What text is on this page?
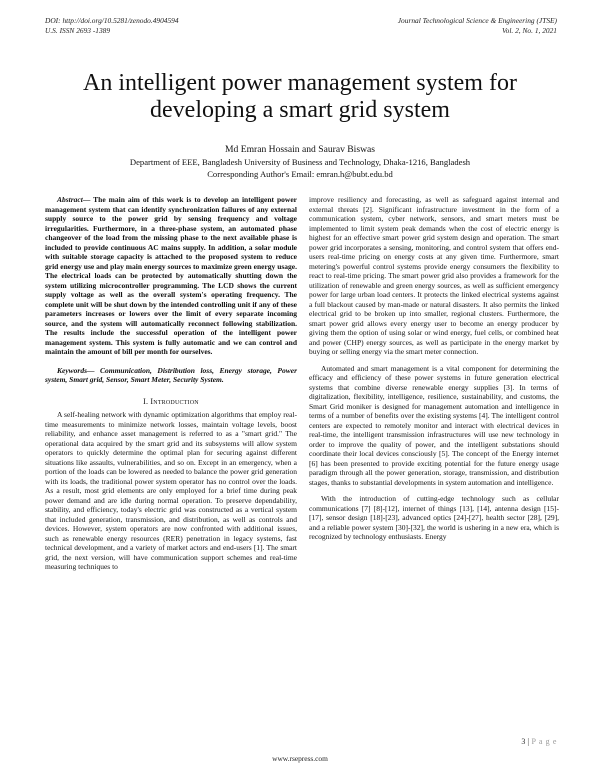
DOI: http://doi.org/10.5281/zenodo.4904594
U.S. ISSN 2693 -1389
Journal Technological Science & Engineering (JTSE)
Vol. 2, No. 1, 2021
An intelligent power management system for developing a smart grid system
Md Emran Hossain and Saurav Biswas
Department of EEE, Bangladesh University of Business and Technology, Dhaka-1216, Bangladesh
Corresponding Author's Email: emran.h@bubt.edu.bd

Abstract— The main aim of this work is to develop an intelligent power management system that can identify synchronization failures of any external supply source to the power grid by sensing frequency and voltage irregularities. Furthermore, in a three-phase system, an automated phase changeover of the load from the missing phase to the next available phase is included to provide continuous AC mains supply. In addition, a solar module with suitable storage capacity is attached to the proposed system to reduce grid energy use and play main energy sources to maximize green energy usage. The electrical loads can be protected by automatically shutting down the system utilizing microcontroller programming. The LCD shows the current supply voltage as well as the overall system's operating frequency. The complete unit will be shut down by the intended controlling unit if any of these parameters increases or lowers over the limit of every separate incoming source, and the system will automatically reconnect following stabilization. The results include the successful operation of the intelligent power management system. This system is fully automatic and we can control and maintain the amount of bill per month for ourselves.

Keywords— Communication, Distribution loss, Energy storage, Power system, Smart grid, Sensor, Smart Meter, Security System.

I. Introduction

A self-healing network with dynamic optimization algorithms that employ real-time measurements to minimize network losses, maintain voltage levels, boost reliability, and enhance asset management is referred to as a "smart grid." The operational data acquired by the smart grid and its subsystems will allow system operators to quickly determine the optimal plan for securing against different situations like assaults, vulnerabilities, and so on. Except in an emergency, when a portion of the loads can be lowered as needed to balance the power grid generation with its loads, the traditional power system operator has no control over the loads. As a result, most grid elements are only employed for a brief time during peak power demand and are idle during normal operation. To preserve dependability, stability, and efficiency, today's electric grid was constructed as a vertical system that included generation, transmission, and distribution, as well as controls and devices. However, system operators are now confronted with additional issues, such as renewable energy resources (RER) penetration in legacy systems, fast technical development, and a variety of market actors and end-users [1]. The smart grid, the next version, will have communication support schemes and real-time measuring techniques to

improve resiliency and forecasting, as well as safeguard against internal and external threats [2]. Significant infrastructure investment in the form of a communication system, cyber network, sensors, and smart meters must be implemented to limit system peak demands when the cost of electric energy is highest for an effective smart power grid system design and operation. The smart power grid incorporates a sensing, monitoring, and control system that offers end-users real-time pricing on energy costs at any given time. Furthermore, smart metering's powerful control systems provide energy consumers the flexibility to react to real-time pricing. The smart power grid also provides a framework for the utilization of renewable and green energy sources, as well as sufficient emergency power for large urban load centers. It protects the linked electrical systems against a full blackout caused by man-made or natural disasters. It also permits the linked electrical grid to be broken up into smaller, regional clusters. Furthermore, the smart power grid allows every energy user to become an energy producer by giving them the option of using solar or wind energy, fuel cells, or combined heat and power (CHP) energy sources, as well as participate in the energy market by buying or selling energy via the smart meter connection.

Automated and smart management is a vital component for determining the efficacy and efficiency of these power systems in future generation electrical systems that combine diverse renewable energy supplies [3]. In terms of digitalization, flexibility, intelligence, resilience, sustainability, and customs, the Smart Grid moniker is designed for management automation and intelligence in terms of a number of benefits over the existing systems [4]. The intelligent control centers are expected to remotely monitor and interact with electrical devices in real-time, the intelligent transmission infrastructures will use new technology in order to improve the quality of power, and the intelligent substations should coordinate their local devices consciously [5]. The concept of the Energy internet [6] has been presented to provide exciting potential for the future energy usage paradigm through all the power generation, storage, transmission, and distribution stages, thanks to substantial developments in system automation and intelligence.

With the introduction of cutting-edge technology such as cellular communications [7] [8]-[12], internet of things [13], [14], antenna design [15]-[17], sensor design [18]-[23], advanced optics [24]-[27], health sector [28], [29], and a reliable power system [30]-[32], the world is ushering in a new era, which is recognized by technology enthusiasts. Energy

3 | P a g e
www.rsepress.com
